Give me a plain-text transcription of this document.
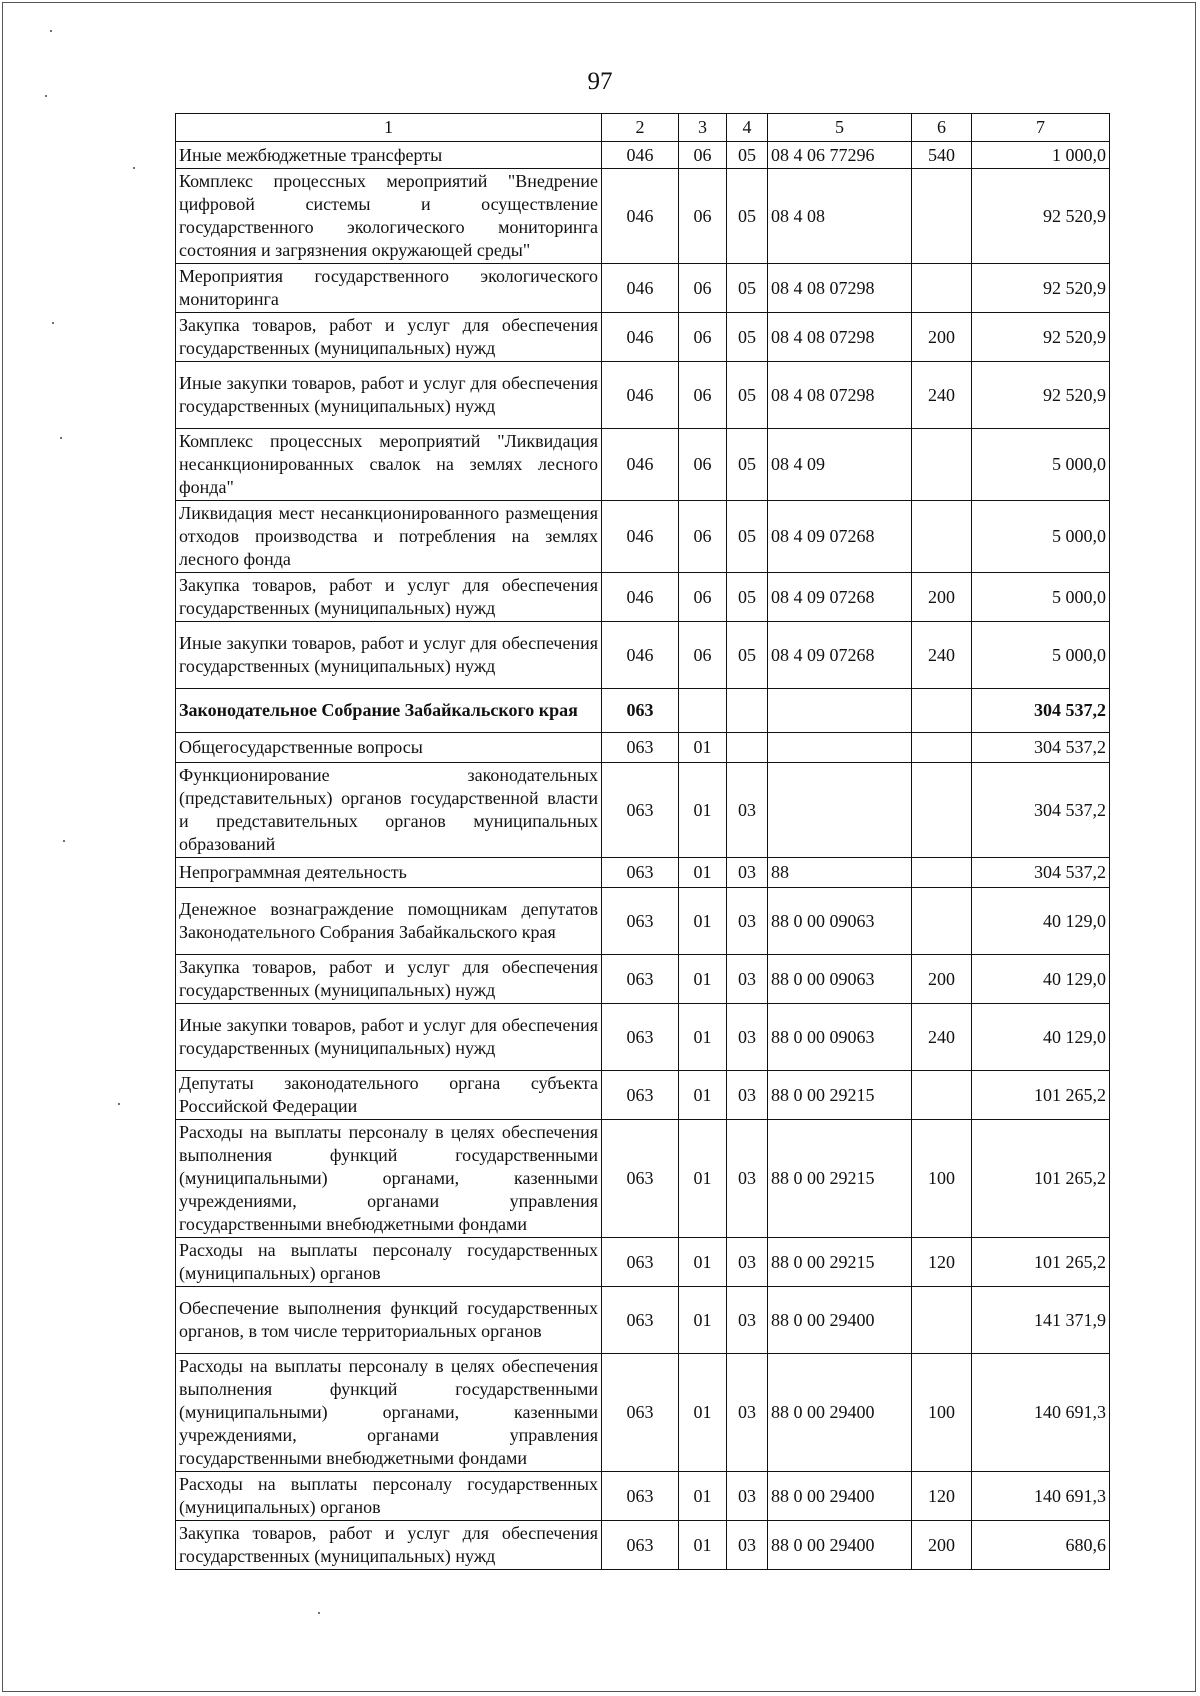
97
1	2	3	4	5	6	7
Иные межбюджетные трансферты	046	06	05	08 4 06 77296	540	1 000,0
Комплекс процессных мероприятий "Внедрение цифровой системы и осуществление государственного экологического мониторинга состояния и загрязнения окружающей среды"	046	06	05	08 4 08		92 520,9
Мероприятия государственного экологического мониторинга	046	06	05	08 4 08 07298		92 520,9
Закупка товаров, работ и услуг для обеспечения государственных (муниципальных) нужд	046	06	05	08 4 08 07298	200	92 520,9
Иные закупки товаров, работ и услуг для обеспечения государственных (муниципальных) нужд	046	06	05	08 4 08 07298	240	92 520,9
Комплекс процессных мероприятий "Ликвидация несанкционированных свалок на землях лесного фонда"	046	06	05	08 4 09		5 000,0
Ликвидация мест несанкционированного размещения отходов производства и потребления на землях лесного фонда	046	06	05	08 4 09 07268		5 000,0
Закупка товаров, работ и услуг для обеспечения государственных (муниципальных) нужд	046	06	05	08 4 09 07268	200	5 000,0
Иные закупки товаров, работ и услуг для обеспечения государственных (муниципальных) нужд	046	06	05	08 4 09 07268	240	5 000,0
Законодательное Собрание Забайкальского края	063					304 537,2
Общегосударственные вопросы	063	01				304 537,2
Функционирование законодательных (представительных) органов государственной власти и представительных органов муниципальных образований	063	01	03			304 537,2
Непрограммная деятельность	063	01	03	88		304 537,2
Денежное вознаграждение помощникам депутатов Законодательного Собрания Забайкальского края	063	01	03	88 0 00 09063		40 129,0
Закупка товаров, работ и услуг для обеспечения государственных (муниципальных) нужд	063	01	03	88 0 00 09063	200	40 129,0
Иные закупки товаров, работ и услуг для обеспечения государственных (муниципальных) нужд	063	01	03	88 0 00 09063	240	40 129,0
Депутаты законодательного органа субъекта Российской Федерации	063	01	03	88 0 00 29215		101 265,2
Расходы на выплаты персоналу в целях обеспечения выполнения функций государственными (муниципальными) органами, казенными учреждениями, органами управления государственными внебюджетными фондами	063	01	03	88 0 00 29215	100	101 265,2
Расходы на выплаты персоналу государственных (муниципальных) органов	063	01	03	88 0 00 29215	120	101 265,2
Обеспечение выполнения функций государственных органов, в том числе территориальных органов	063	01	03	88 0 00 29400		141 371,9
Расходы на выплаты персоналу в целях обеспечения выполнения функций государственными (муниципальными) органами, казенными учреждениями, органами управления государственными внебюджетными фондами	063	01	03	88 0 00 29400	100	140 691,3
Расходы на выплаты персоналу государственных (муниципальных) органов	063	01	03	88 0 00 29400	120	140 691,3
Закупка товаров, работ и услуг для обеспечения государственных (муниципальных) нужд	063	01	03	88 0 00 29400	200	680,6
